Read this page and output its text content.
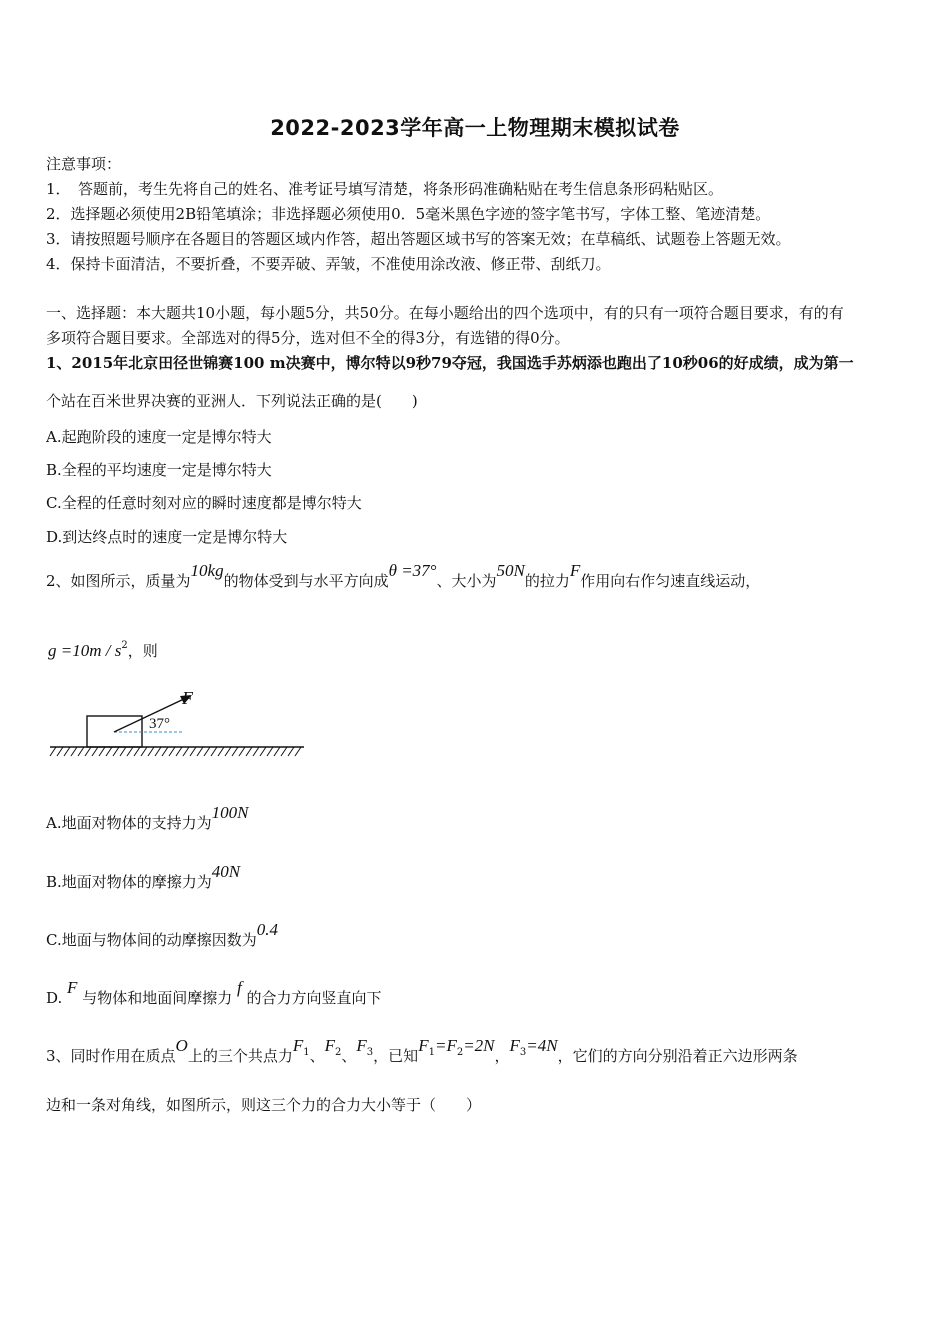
2022-2023学年高一上物理期末模拟试卷
注意事项：
1．　答题前，考生先将自己的姓名、准考证号填写清楚，将条形码准确粘贴在考生信息条形码粘贴区。
2．选择题必须使用2B铅笔填涂；非选择题必须使用0．5毫米黑色字迹的签字笔书写，字体工整、笔迹清楚。
3．请按照题号顺序在各题目的答题区域内作答，超出答题区域书写的答案无效；在草稿纸、试题卷上答题无效。
4．保持卡面清洁，不要折叠，不要弄破、弄皱，不准使用涂改液、修正带、刮纸刀。
一、选择题：本大题共10小题，每小题5分，共50分。在每小题给出的四个选项中，有的只有一项符合题目要求，有的有
多项符合题目要求。全部选对的得5分，选对但不全的得3分，有选错的得0分。
1、2015年北京田径世锦赛100 m决赛中，博尔特以9秒79夺冠，我国选手苏炳添也跑出了10秒06的好成绩，成为第一
个站在百米世界决赛的亚洲人．下列说法正确的是(　　)
A.起跑阶段的速度一定是博尔特大
B.全程的平均速度一定是博尔特大
C.全程的任意时刻对应的瞬时速度都是博尔特大
D.到达终点时的速度一定是博尔特大
2、如图所示，质量为10kg的物体受到与水平方向成θ =37°、大小为50N的拉力F作用向右作匀速直线运动，
$g =10m / s^2$，则
F
37°
A.地面对物体的支持力为100N
B.地面对物体的摩擦力为40N
C.地面与物体间的动摩擦因数为0.4
D. F 与物体和地面间摩擦力 f 的合力方向竖直向下
3、同时作用在质点O上的三个共点力$F_1$、$F_2$、$F_3$，已知$F_1=F_2=2N$，$F_3=4N$，它们的方向分别沿着正六边形两条
边和一条对角线，如图所示，则这三个力的合力大小等于（　　）
